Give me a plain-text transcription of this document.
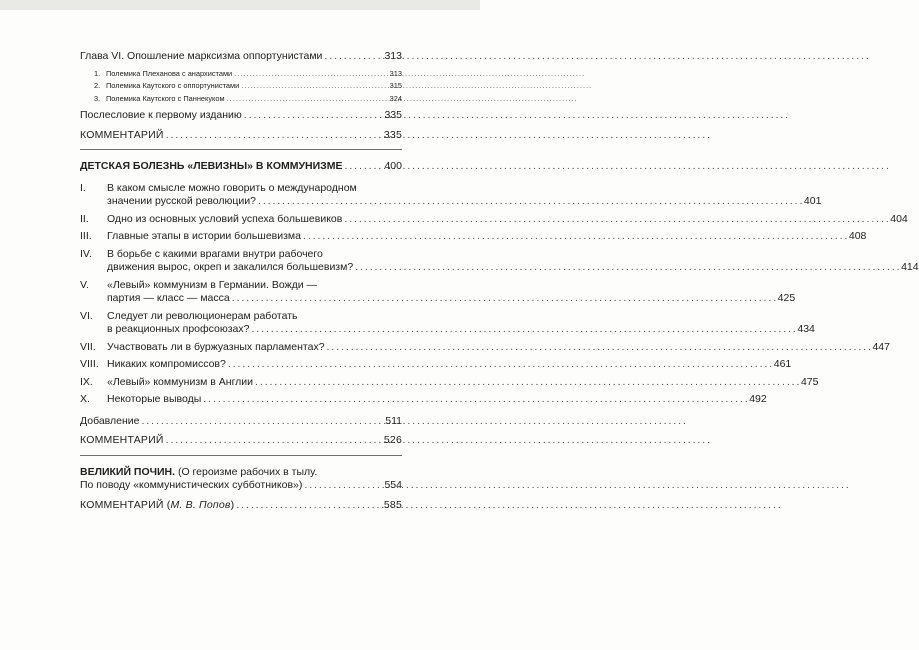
Глава VI. Опошление марксизма оппортунистами . . .	313
1. Полемика Плеханова с анархистами . . .	313
2. Полемика Каутского с оппортунистами . . .	315
3. Полемика Каутского с Паннекуком . . .	324
Послесловие к первому изданию . . .	335
КОММЕНТАРИЙ . . .	335
ДЕТСКАЯ БОЛЕЗНЬ «ЛЕВИЗНЫ» В КОММУНИЗМЕ . . .	400
I.	В каком смысле можно говорить о международном
значении русской революции? . . .	401
II.	Одно из основных условий успеха большевиков . . .	404
III.	Главные этапы в истории большевизма . . .	408
IV.	В борьбе с какими врагами внутри рабочего
движения вырос, окреп и закалился большевизм? . . .	414
V.	«Левый» коммунизм в Германии. Вожди —
партия — класс — масса . . .	425
VI.	Следует ли революционерам работать
в реакционных профсоюзах? . . .	434
VII.	Участвовать ли в буржуазных парламентах? . . .	447
VIII. Никаких компромиссов? . . .	461
IX.	«Левый» коммунизм в Англии . . .	475
X.	Некоторые выводы . . .	492
Добавление . . .	511
КОММЕНТАРИЙ . . .	526
ВЕЛИКИЙ ПОЧИН. (О героизме рабочих в тылу.
По поводу «коммунистических субботников») . . .	554
КОММЕНТАРИЙ (М. В. Попов) . . .	585
